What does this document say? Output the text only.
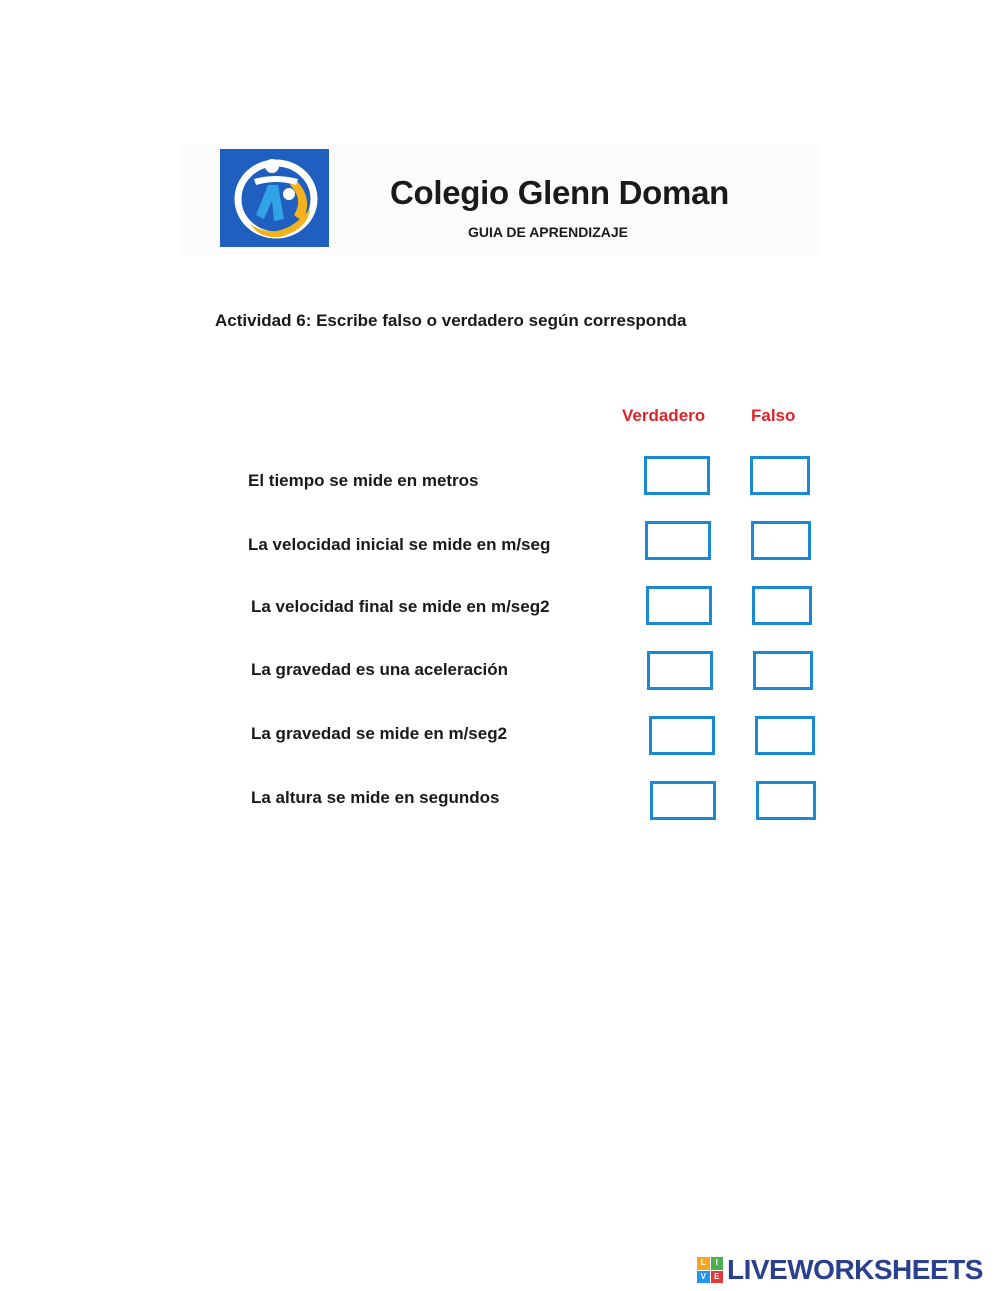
Colegio Glenn Doman
GUIA DE APRENDIZAJE
Actividad 6: Escribe falso o verdadero según corresponda
Verdadero	Falso
El tiempo se mide en metros
La velocidad inicial se mide en m/seg
La velocidad final se mide en m/seg2
La gravedad es una aceleración
La gravedad se mide en m/seg2
La altura se mide en segundos
L	I
V	E LIVEWORKSHEETS
